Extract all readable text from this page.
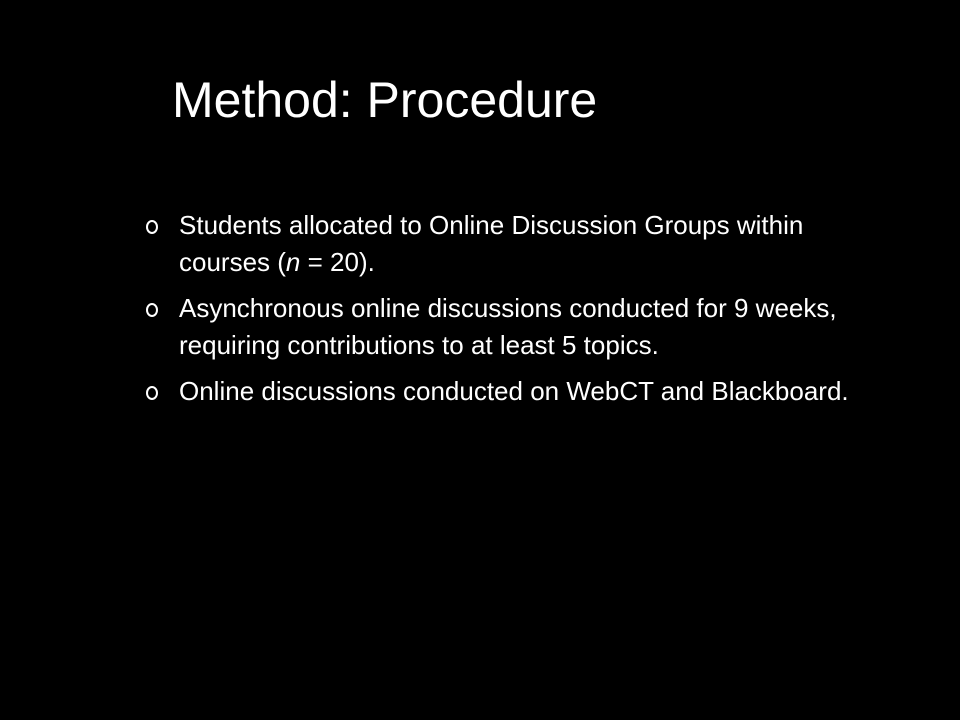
Method: Procedure
Students allocated to Online Discussion Groups within courses (n = 20).
Asynchronous online discussions conducted for 9 weeks, requiring contributions to at least 5 topics.
Online discussions conducted on WebCT and Blackboard.
